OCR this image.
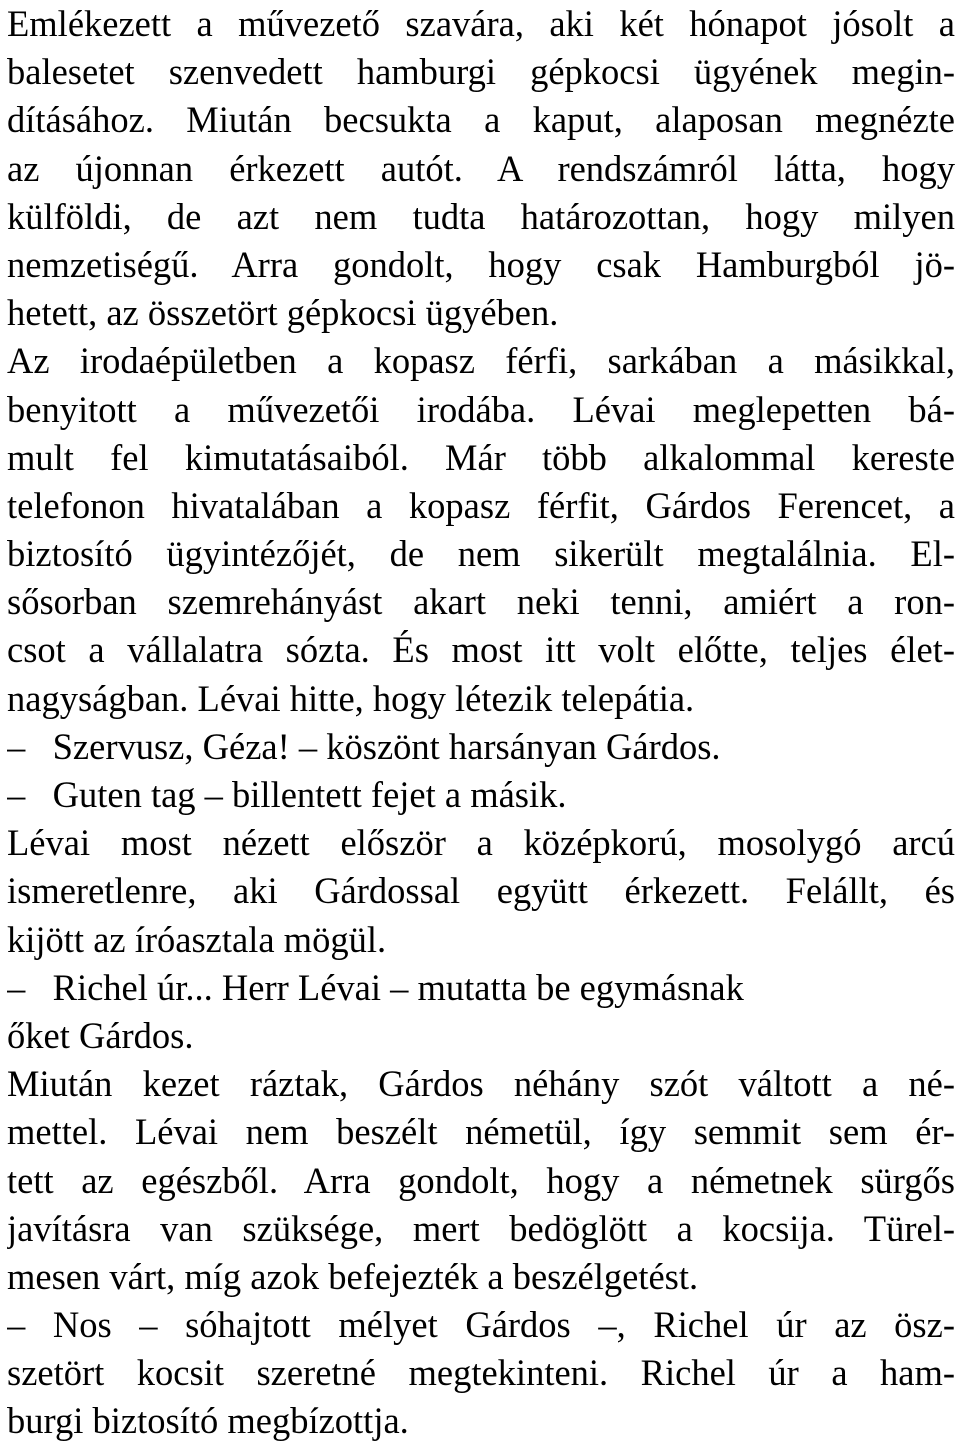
Emlékezett a művezető szavára, aki két hónapot jósolt a
balesetet szenvedett hamburgi gépkocsi ügyének megin-
dításához. Miután becsukta a kaput, alaposan megnézte
az újonnan érkezett autót. A rendszámról látta, hogy
külföldi, de azt nem tudta határozottan, hogy milyen
nemzetiségű. Arra gondolt, hogy csak Hamburgból jö-
hetett, az összetört gépkocsi ügyében.
Az irodaépületben a kopasz férfi, sarkában a másikkal,
benyitott a művezetői irodába. Lévai meglepetten bá-
mult fel kimutatásaiból. Már több alkalommal kereste
telefonon hivatalában a kopasz férfit, Gárdos Ferencet, a
biztosító ügyintézőjét, de nem sikerült megtalálnia. El-
sősorban szemrehányást akart neki tenni, amiért a ron-
csot a vállalatra sózta. És most itt volt előtte, teljes élet-
nagyságban. Lévai hitte, hogy létezik telepátia.
–   Szervusz, Géza! – köszönt harsányan Gárdos.
–   Guten tag – billentett fejet a másik.
Lévai most nézett először a középkorú, mosolygó arcú
ismeretlenre, aki Gárdossal együtt érkezett. Felállt, és
kijött az íróasztala mögül.
–   Richel úr... Herr Lévai – mutatta be egymásnak
őket Gárdos.
Miután kezet ráztak, Gárdos néhány szót váltott a né-
mettel. Lévai nem beszélt németül, így semmit sem ér-
tett az egészből. Arra gondolt, hogy a németnek sürgős
javításra van szüksége, mert bedöglött a kocsija. Türel-
mesen várt, míg azok befejezték a beszélgetést.
– Nos – sóhajtott mélyet Gárdos –, Richel úr az ösz-
szetört kocsit szeretné megtekinteni. Richel úr a ham-
burgi biztosító megbízottja.
